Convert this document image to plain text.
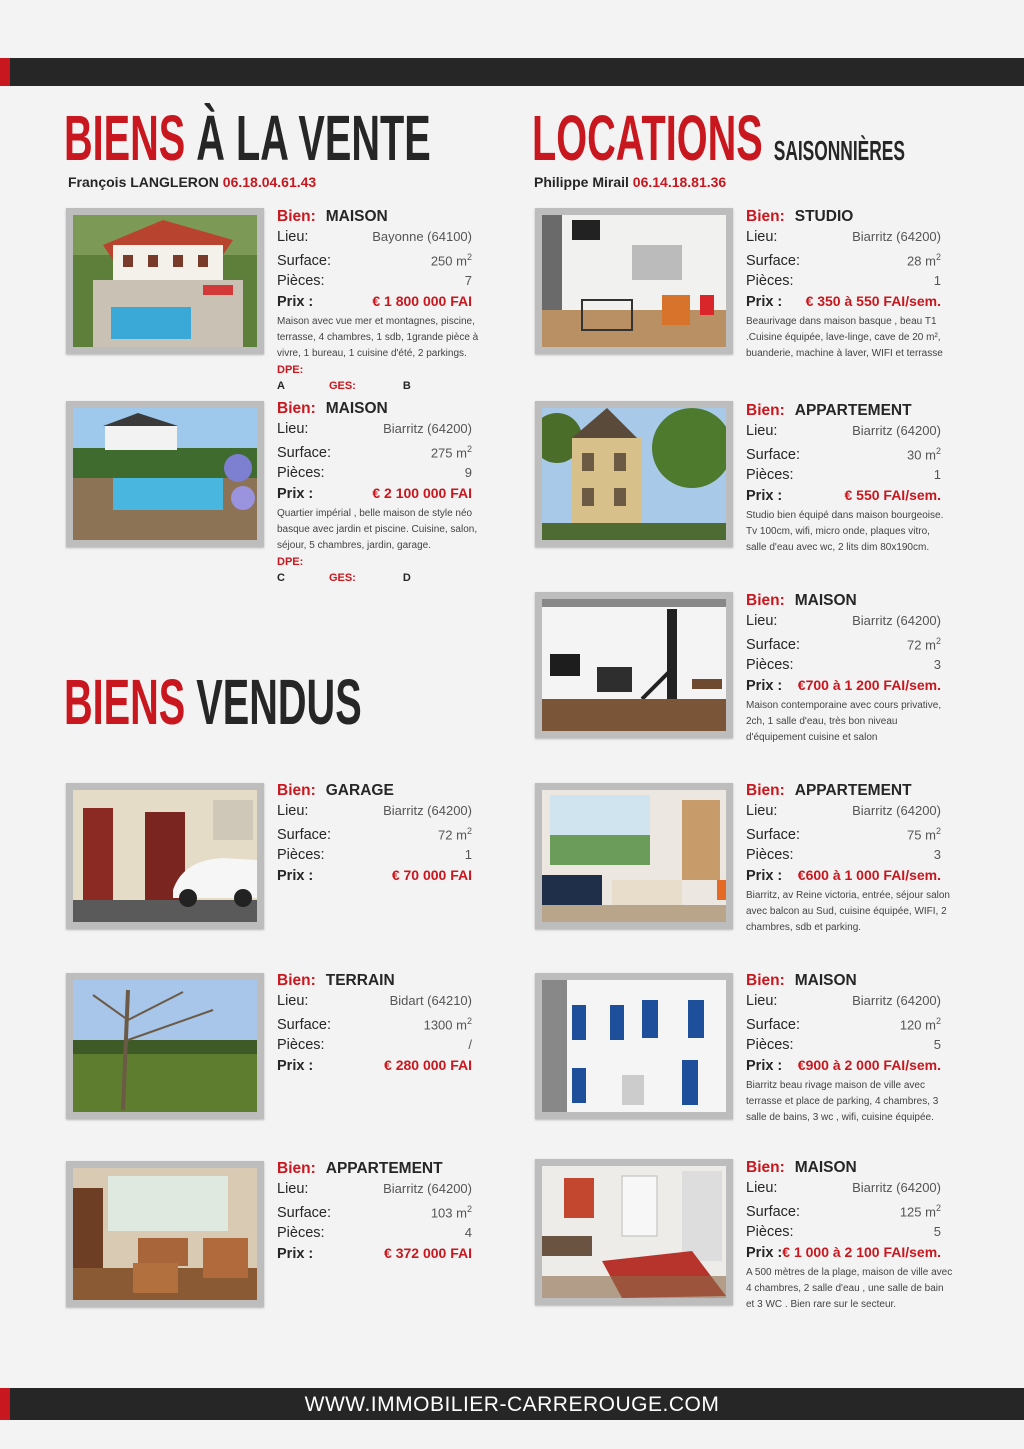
BIENS À LA VENTE
François LANGLERON 06.18.04.61.43
LOCATIONS SAISONNIÈRES
Philippe Mirail 06.14.18.81.36
BIENS VENDUS
Bien: MAISON
Lieu:	Bayonne (64100)
Surface:	250 $m^2$
Pièces:	7
Prix :	€ 1 800 000 FAI
Maison avec vue mer et montagnes, piscine,
terrasse, 4 chambres, 1 sdb, 1grande pièce à
vivre, 1 bureau, 1 cuisine d'été, 2 parkings.
DPE: A	GES:	B
Bien: MAISON
Lieu:	Biarritz (64200)
Surface:	275 $m^2$
Pièces:	9
Prix :	€ 2 100 000 FAI
Quartier impérial , belle maison de style néo
basque avec jardin et piscine. Cuisine, salon,
séjour, 5 chambres, jardin, garage.
DPE: C	GES:	D
Bien: GARAGE
Lieu:	Biarritz (64200)
Surface:	72 $m^2$
Pièces:	1
Prix :	€ 70 000 FAI
Bien: TERRAIN
Lieu:	Bidart (64210)
Surface:	1300 $m^2$
Pièces:	/
Prix :	€ 280 000 FAI
Bien: APPARTEMENT
Lieu:	Biarritz (64200)
Surface:	103 $m^2$
Pièces:	4
Prix :	€ 372 000 FAI
Bien: STUDIO
Lieu:	Biarritz (64200)
Surface:	28 $m^2$
Pièces:	1
Prix : € 350 à 550 FAI/sem.
Beaurivage dans maison basque , beau T1
.Cuisine équipée, lave-linge, cave de 20 m²,
buanderie, machine à laver, WIFI et terrasse
Bien: APPARTEMENT
Lieu:	Biarritz (64200)
Surface:	30 $m^2$
Pièces:	1
Prix :	€ 550 FAI/sem.
Studio bien équipé dans maison bourgeoise.
Tv 100cm, wifi, micro onde, plaques vitro,
salle d'eau avec wc, 2 lits dim 80x190cm.
Bien: MAISON
Lieu:	Biarritz (64200)
Surface:	72 $m^2$
Pièces:	3
Prix : €700 à 1 200 FAI/sem.
Maison contemporaine avec cours privative,
2ch, 1 salle d'eau, très bon niveau
d'équipement cuisine et salon
Bien: APPARTEMENT
Lieu:	Biarritz (64200)
Surface:	75 $m^2$
Pièces:	3
Prix : €600 à 1 000 FAI/sem.
Biarritz, av Reine victoria, entrée, séjour salon
avec balcon au Sud, cuisine équipée, WIFI, 2
chambres, sdb et parking.
Bien: MAISON
Lieu:	Biarritz (64200)
Surface:	120 $m^2$
Pièces:	5
Prix : €900 à 2 000 FAI/sem.
Biarritz beau rivage maison de ville avec
terrasse et place de parking, 4 chambres, 3
salle de bains, 3 wc , wifi, cuisine équipée.
Bien: MAISON
Lieu:	Biarritz (64200)
Surface:	125 $m^2$
Pièces:	5
Prix : € 1 000 à 2 100 FAI/sem.
A 500 mètres de la plage, maison de ville avec
4 chambres, 2 salle d'eau , une salle de bain
et 3 WC . Bien rare sur le secteur.
WWW.IMMOBILIER-CARREROUGE.COM
